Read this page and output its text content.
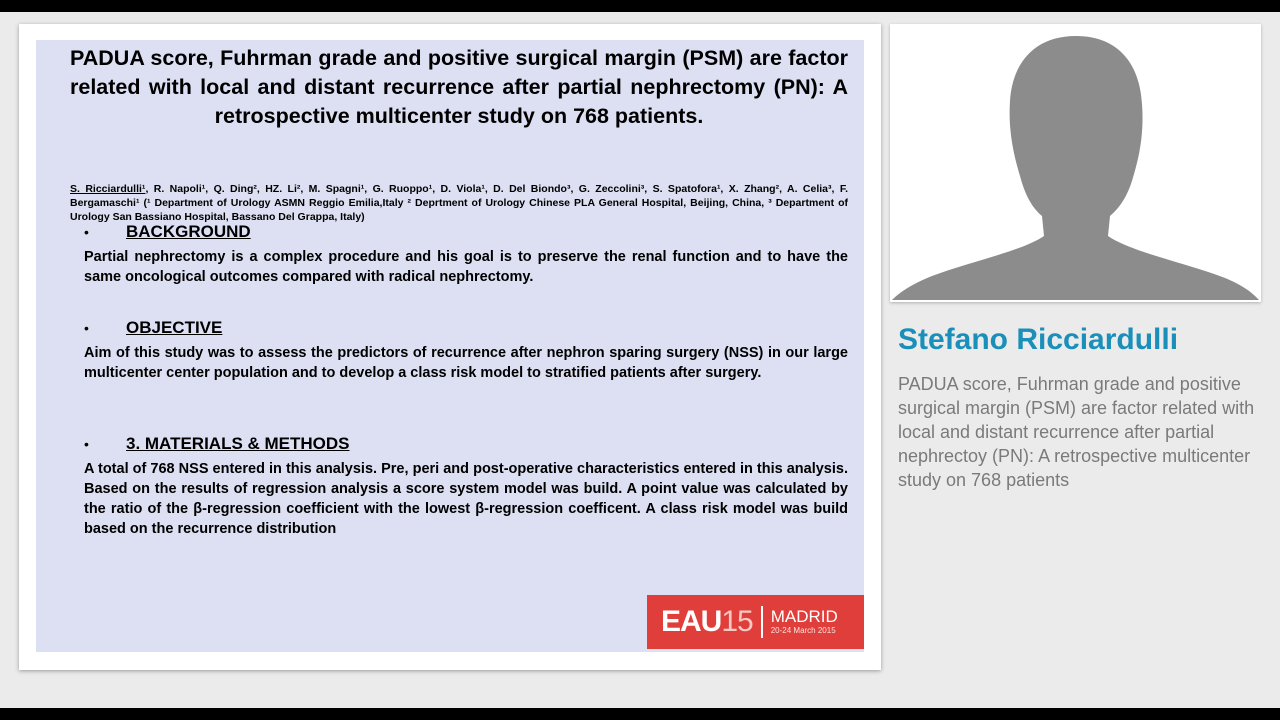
PADUA score, Fuhrman grade and positive surgical margin (PSM) are factor related with local and distant recurrence after partial nephrectomy (PN): A retrospective multicenter study on 768 patients.
S. Ricciardulli¹, R. Napoli¹, Q. Ding², HZ. Li², M. Spagni¹, G. Ruoppo¹, D. Viola¹, D. Del Biondo³, G. Zeccolini³, S. Spatofora¹, X. Zhang², A. Celia³, F. Bergamaschi¹ (¹ Department of Urology ASMN Reggio Emilia,Italy ² Deprtment of Urology Chinese PLA General Hospital, Beijing, China, ³ Department of Urology San Bassiano Hospital, Bassano Del Grappa, Italy)
•	BACKGROUND
Partial nephrectomy is a complex procedure and his goal is to preserve the renal function and to have the same oncological outcomes compared with radical nephrectomy.
•	OBJECTIVE
Aim of this study was to assess the predictors of recurrence after nephron sparing surgery (NSS) in our large multicenter center population and to develop a class risk model to stratified patients after surgery.
•	3. MATERIALS & METHODS
A total of 768 NSS entered in this analysis. Pre, peri and post-operative characteristics entered in this analysis. Based on the results of regression analysis a score system model was build. A point value was calculated by the ratio of the β-regression coefficient with the lowest β-regression coefficent. A class risk model was build based on the recurrence distribution
EAU 15 MADRID
20-24 March 2015
Stefano Ricciardulli
PADUA score, Fuhrman grade and positive surgical margin (PSM) are factor related with local and distant recurrence after partial nephrectoy (PN): A retrospective multicenter study on 768 patients
